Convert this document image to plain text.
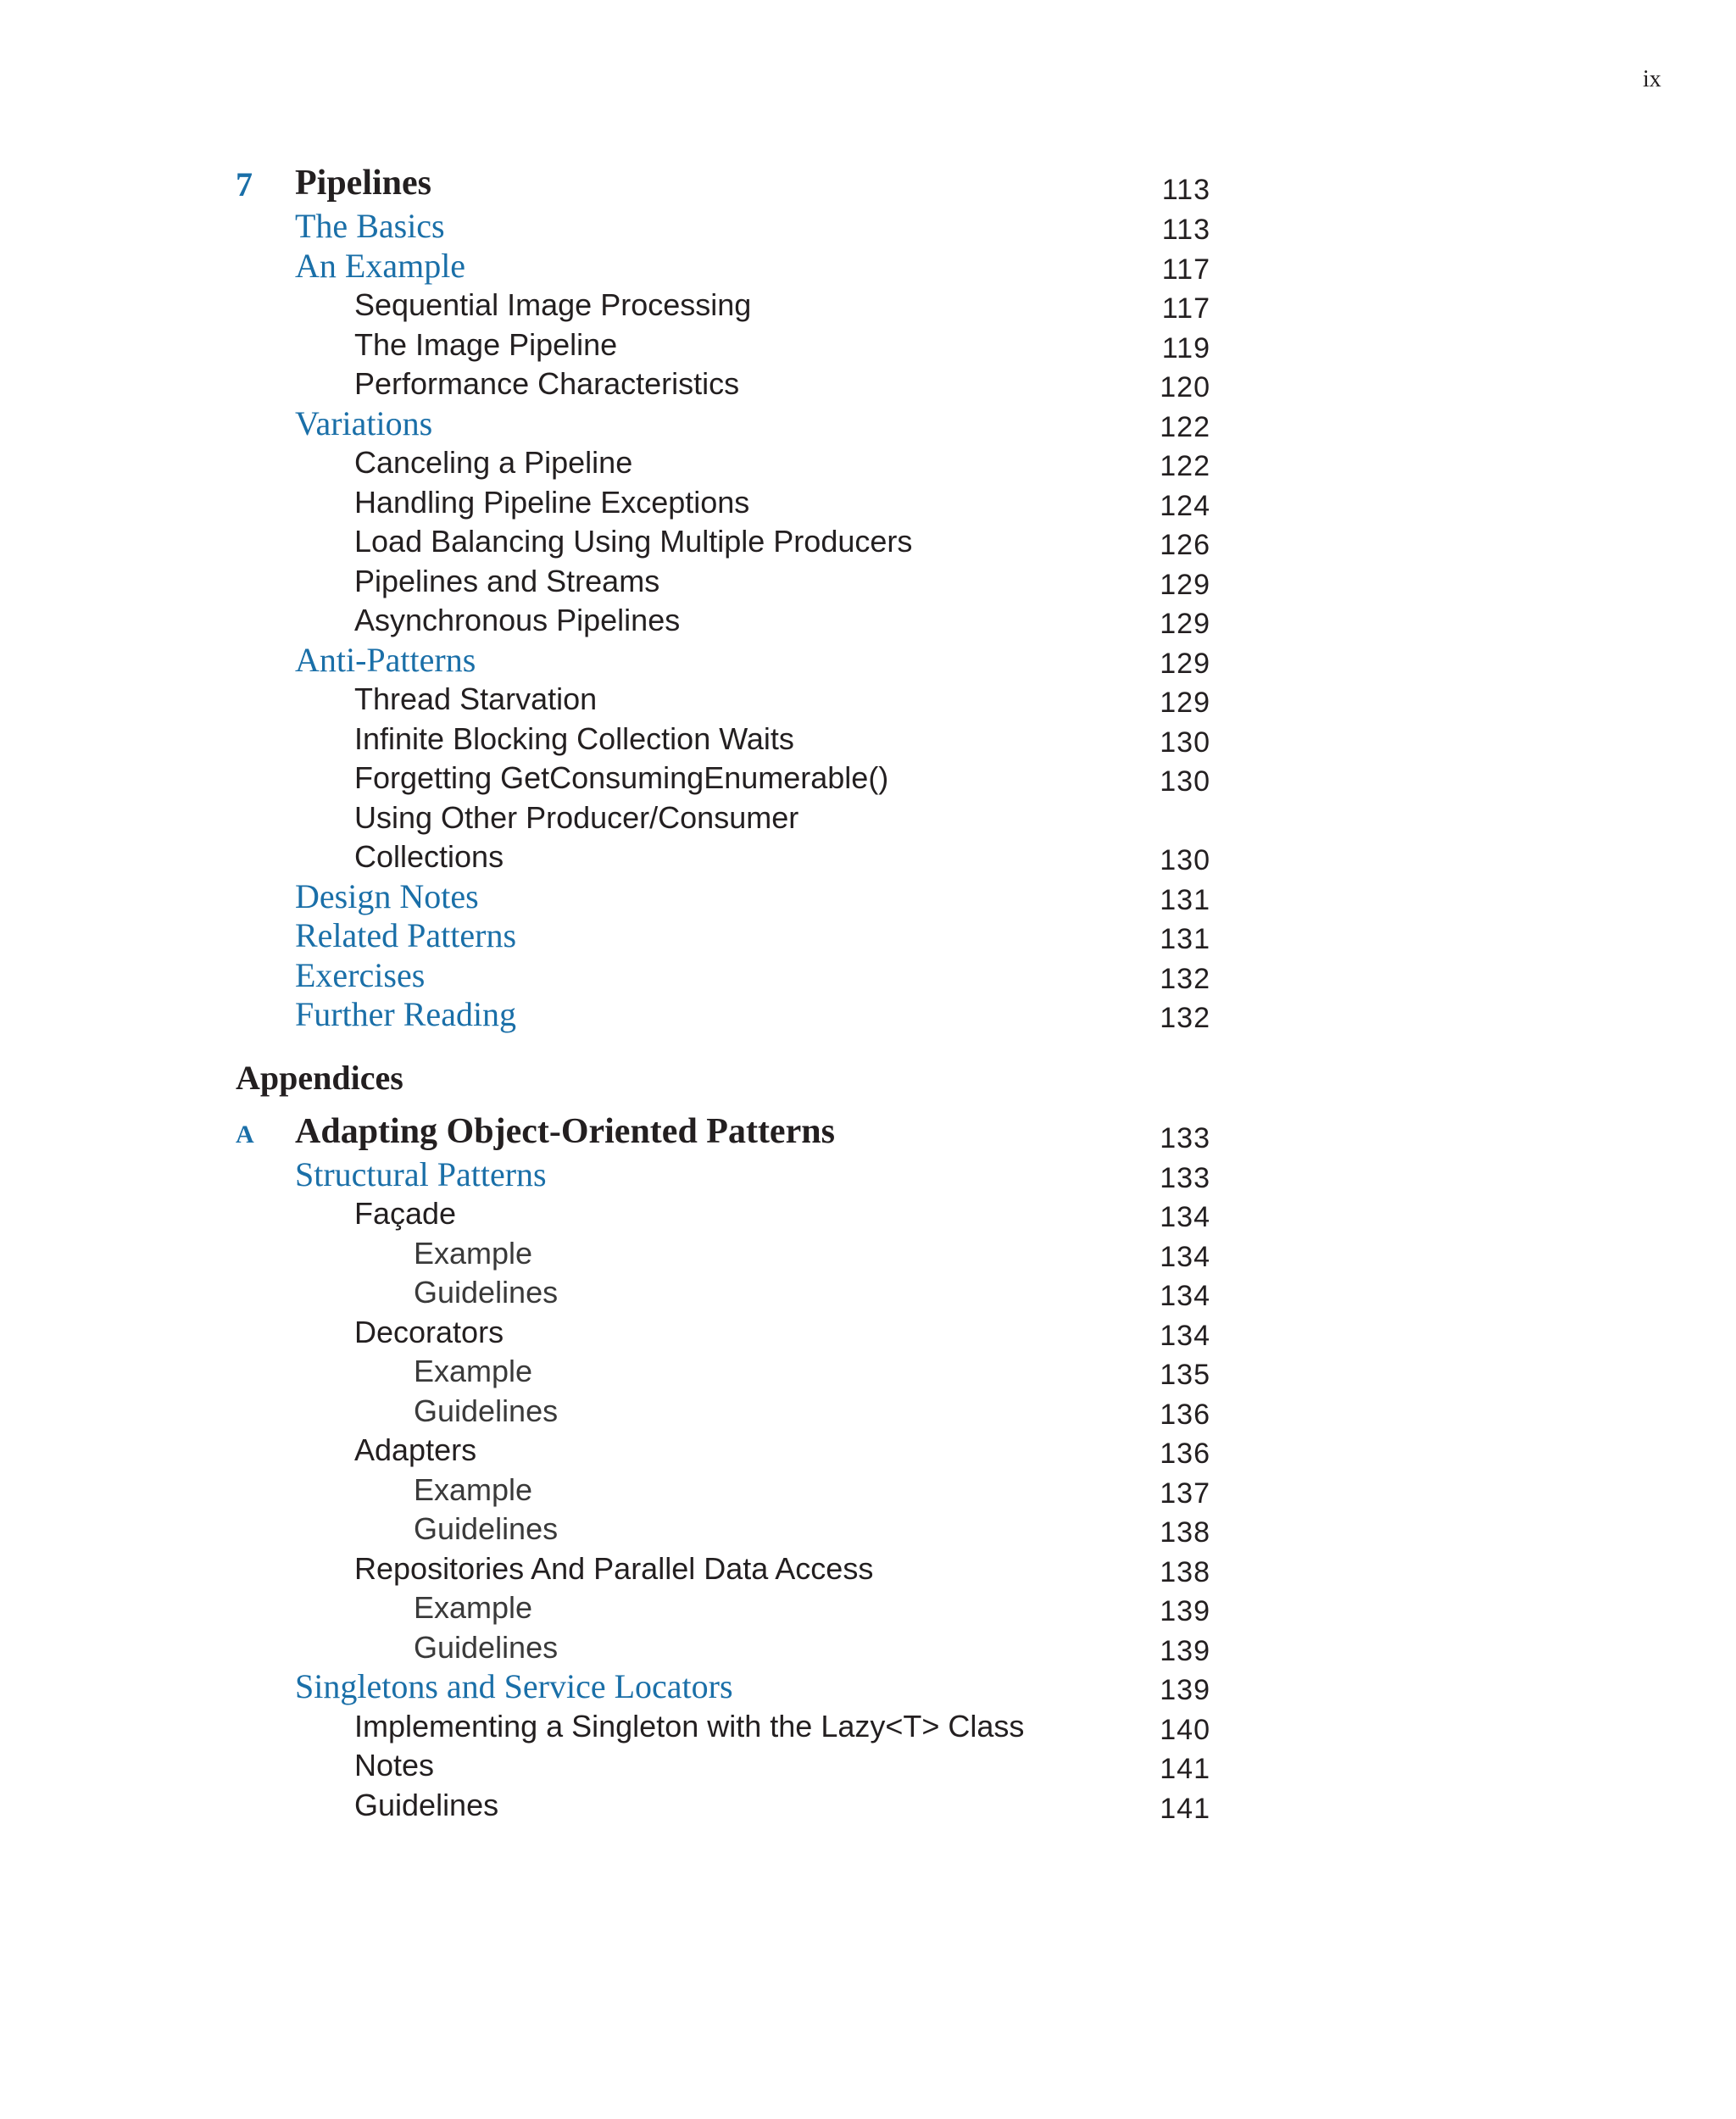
ix
7 Pipelines	113
The Basics	113
An Example	117
Sequential Image Processing	117
The Image Pipeline	119
Performance Characteristics	120
Variations	122
Canceling a Pipeline	122
Handling Pipeline Exceptions	124
Load Balancing Using Multiple Producers	126
Pipelines and Streams	129
Asynchronous Pipelines	129
Anti-Patterns	129
Thread Starvation	129
Infinite Blocking Collection Waits	130
Forgetting GetConsumingEnumerable()	130
Using Other Producer/Consumer
Collections	130
Design Notes	131
Related Patterns	131
Exercises	132
Further Reading	132
Appendices
A Adapting Object-Oriented Patterns	133
Structural Patterns	133
Façade	134
Example	134
Guidelines	134
Decorators	134
Example	135
Guidelines	136
Adapters	136
Example	137
Guidelines	138
Repositories And Parallel Data Access	138
Example	139
Guidelines	139
Singletons and Service Locators	139
Implementing a Singleton with the Lazy<T> Class	140
Notes	141
Guidelines	141
